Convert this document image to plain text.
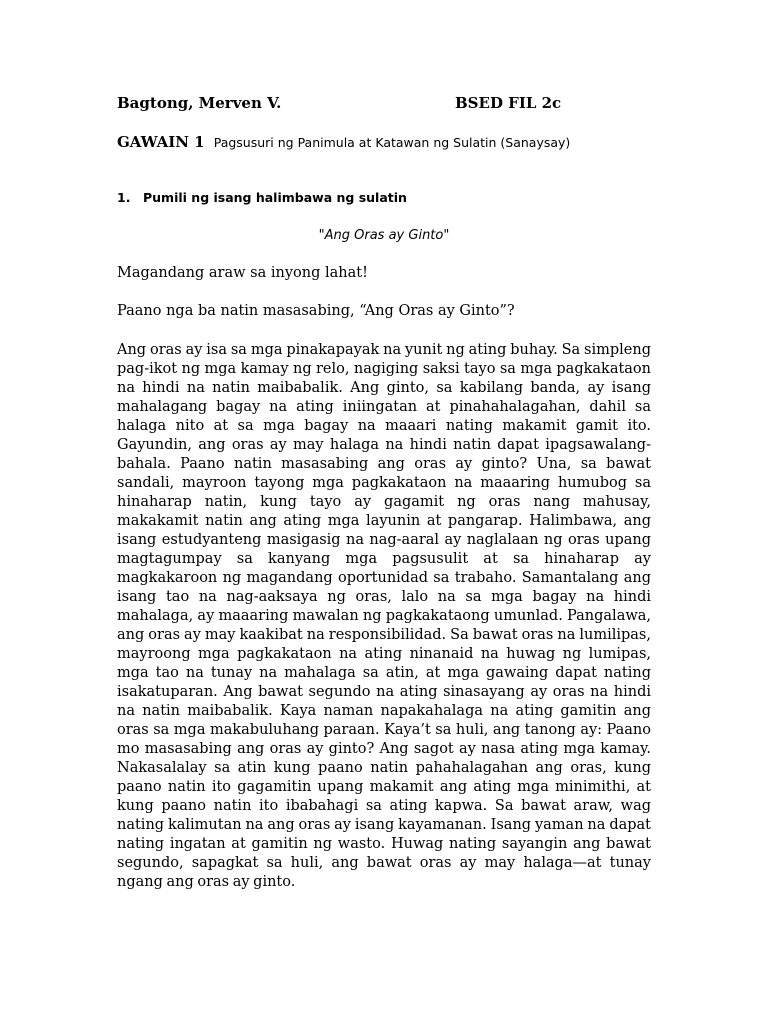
Bagtong, Merven V.	BSED FIL 2c
GAWAIN 1 Pagsusuri ng Panimula at Katawan ng Sulatin (Sanaysay)
1. Pumili ng isang halimbawa ng sulatin
"Ang Oras ay Ginto"
Magandang araw sa inyong lahat!
Paano nga ba natin masasabing, “Ang Oras ay Ginto”?

Ang oras ay isa sa mga pinakapayak na yunit ng ating buhay. Sa simpleng pag-ikot ng mga kamay ng relo, nagiging saksi tayo sa mga pagkakataon na hindi na natin maibabalik. Ang ginto, sa kabilang banda, ay isang mahalagang bagay na ating iniingatan at pinahahalagahan, dahil sa halaga nito at sa mga bagay na maaari nating makamit gamit ito. Gayundin, ang oras ay may halaga na hindi natin dapat ipagsawalang-bahala. Paano natin masasabing ang oras ay ginto? Una, sa bawat sandali, mayroon tayong mga pagkakataon na maaaring humubog sa hinaharap natin, kung tayo ay gagamit ng oras nang mahusay, makakamit natin ang ating mga layunin at pangarap. Halimbawa, ang isang estudyanteng masigasig na nag-aaral ay naglalaan ng oras upang magtagumpay sa kanyang mga pagsusulit at sa hinaharap ay magkakaroon ng magandang oportunidad sa trabaho. Samantalang ang isang tao na nag-aaksaya ng oras, lalo na sa mga bagay na hindi mahalaga, ay maaaring mawalan ng pagkakataong umunlad. Pangalawa, ang oras ay may kaakibat na responsibilidad. Sa bawat oras na lumilipas, mayroong mga pagkakataon na ating ninanaid na huwag ng lumipas, mga tao na tunay na mahalaga sa atin, at mga gawaing dapat nating isakatuparan. Ang bawat segundo na ating sinasayang ay oras na hindi na natin maibabalik. Kaya naman napakahalaga na ating gamitin ang oras sa mga makabuluhang paraan. Kaya’t sa huli, ang tanong ay: Paano mo masasabing ang oras ay ginto? Ang sagot ay nasa ating mga kamay. Nakasalalay sa atin kung paano natin pahahalagahan ang oras, kung paano natin ito gagamitin upang makamit ang ating mga minimithi, at kung paano natin ito ibabahagi sa ating kapwa. Sa bawat araw, wag nating kalimutan na ang oras ay isang kayamanan. Isang yaman na dapat nating ingatan at gamitin ng wasto. Huwag nating sayangin ang bawat segundo, sapagkat sa huli, ang bawat oras ay may halaga—at tunay ngang ang oras ay ginto.
